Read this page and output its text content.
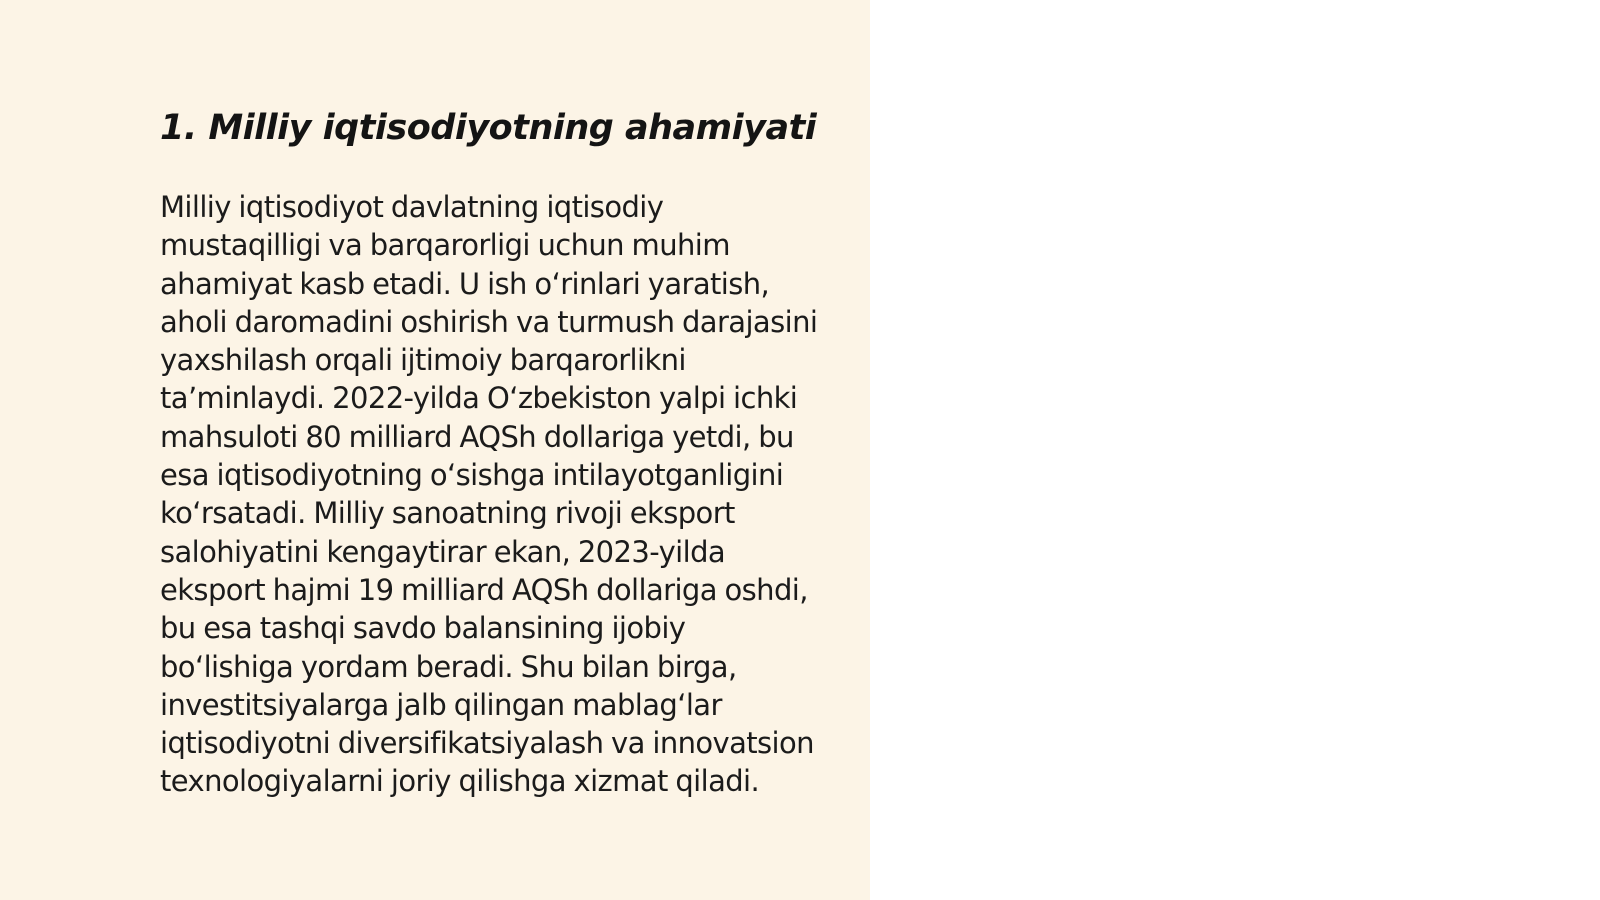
1. Milliy iqtisodiyotning ahamiyati

Milliy iqtisodiyot davlatning iqtisodiy mustaqilligi va barqarorligi uchun muhim ahamiyat kasb etadi. U ish o‘rinlari yaratish, aholi daromadini oshirish va turmush darajasini yaxshilash orqali ijtimoiy barqarorlikni ta’minlaydi. 2022-yilda O‘zbekiston yalpi ichki mahsuloti 80 milliard AQSh dollariga yetdi, bu esa iqtisodiyotning o‘sishga intilayotganligini ko‘rsatadi. Milliy sanoatning rivoji eksport salohiyatini kengaytirar ekan, 2023-yilda eksport hajmi 19 milliard AQSh dollariga oshdi, bu esa tashqi savdo balansining ijobiy bo‘lishiga yordam beradi. Shu bilan birga, investitsiyalarga jalb qilingan mablag‘lar iqtisodiyotni diversifikatsiyalash va innovatsion texnologiyalarni joriy qilishga xizmat qiladi.
